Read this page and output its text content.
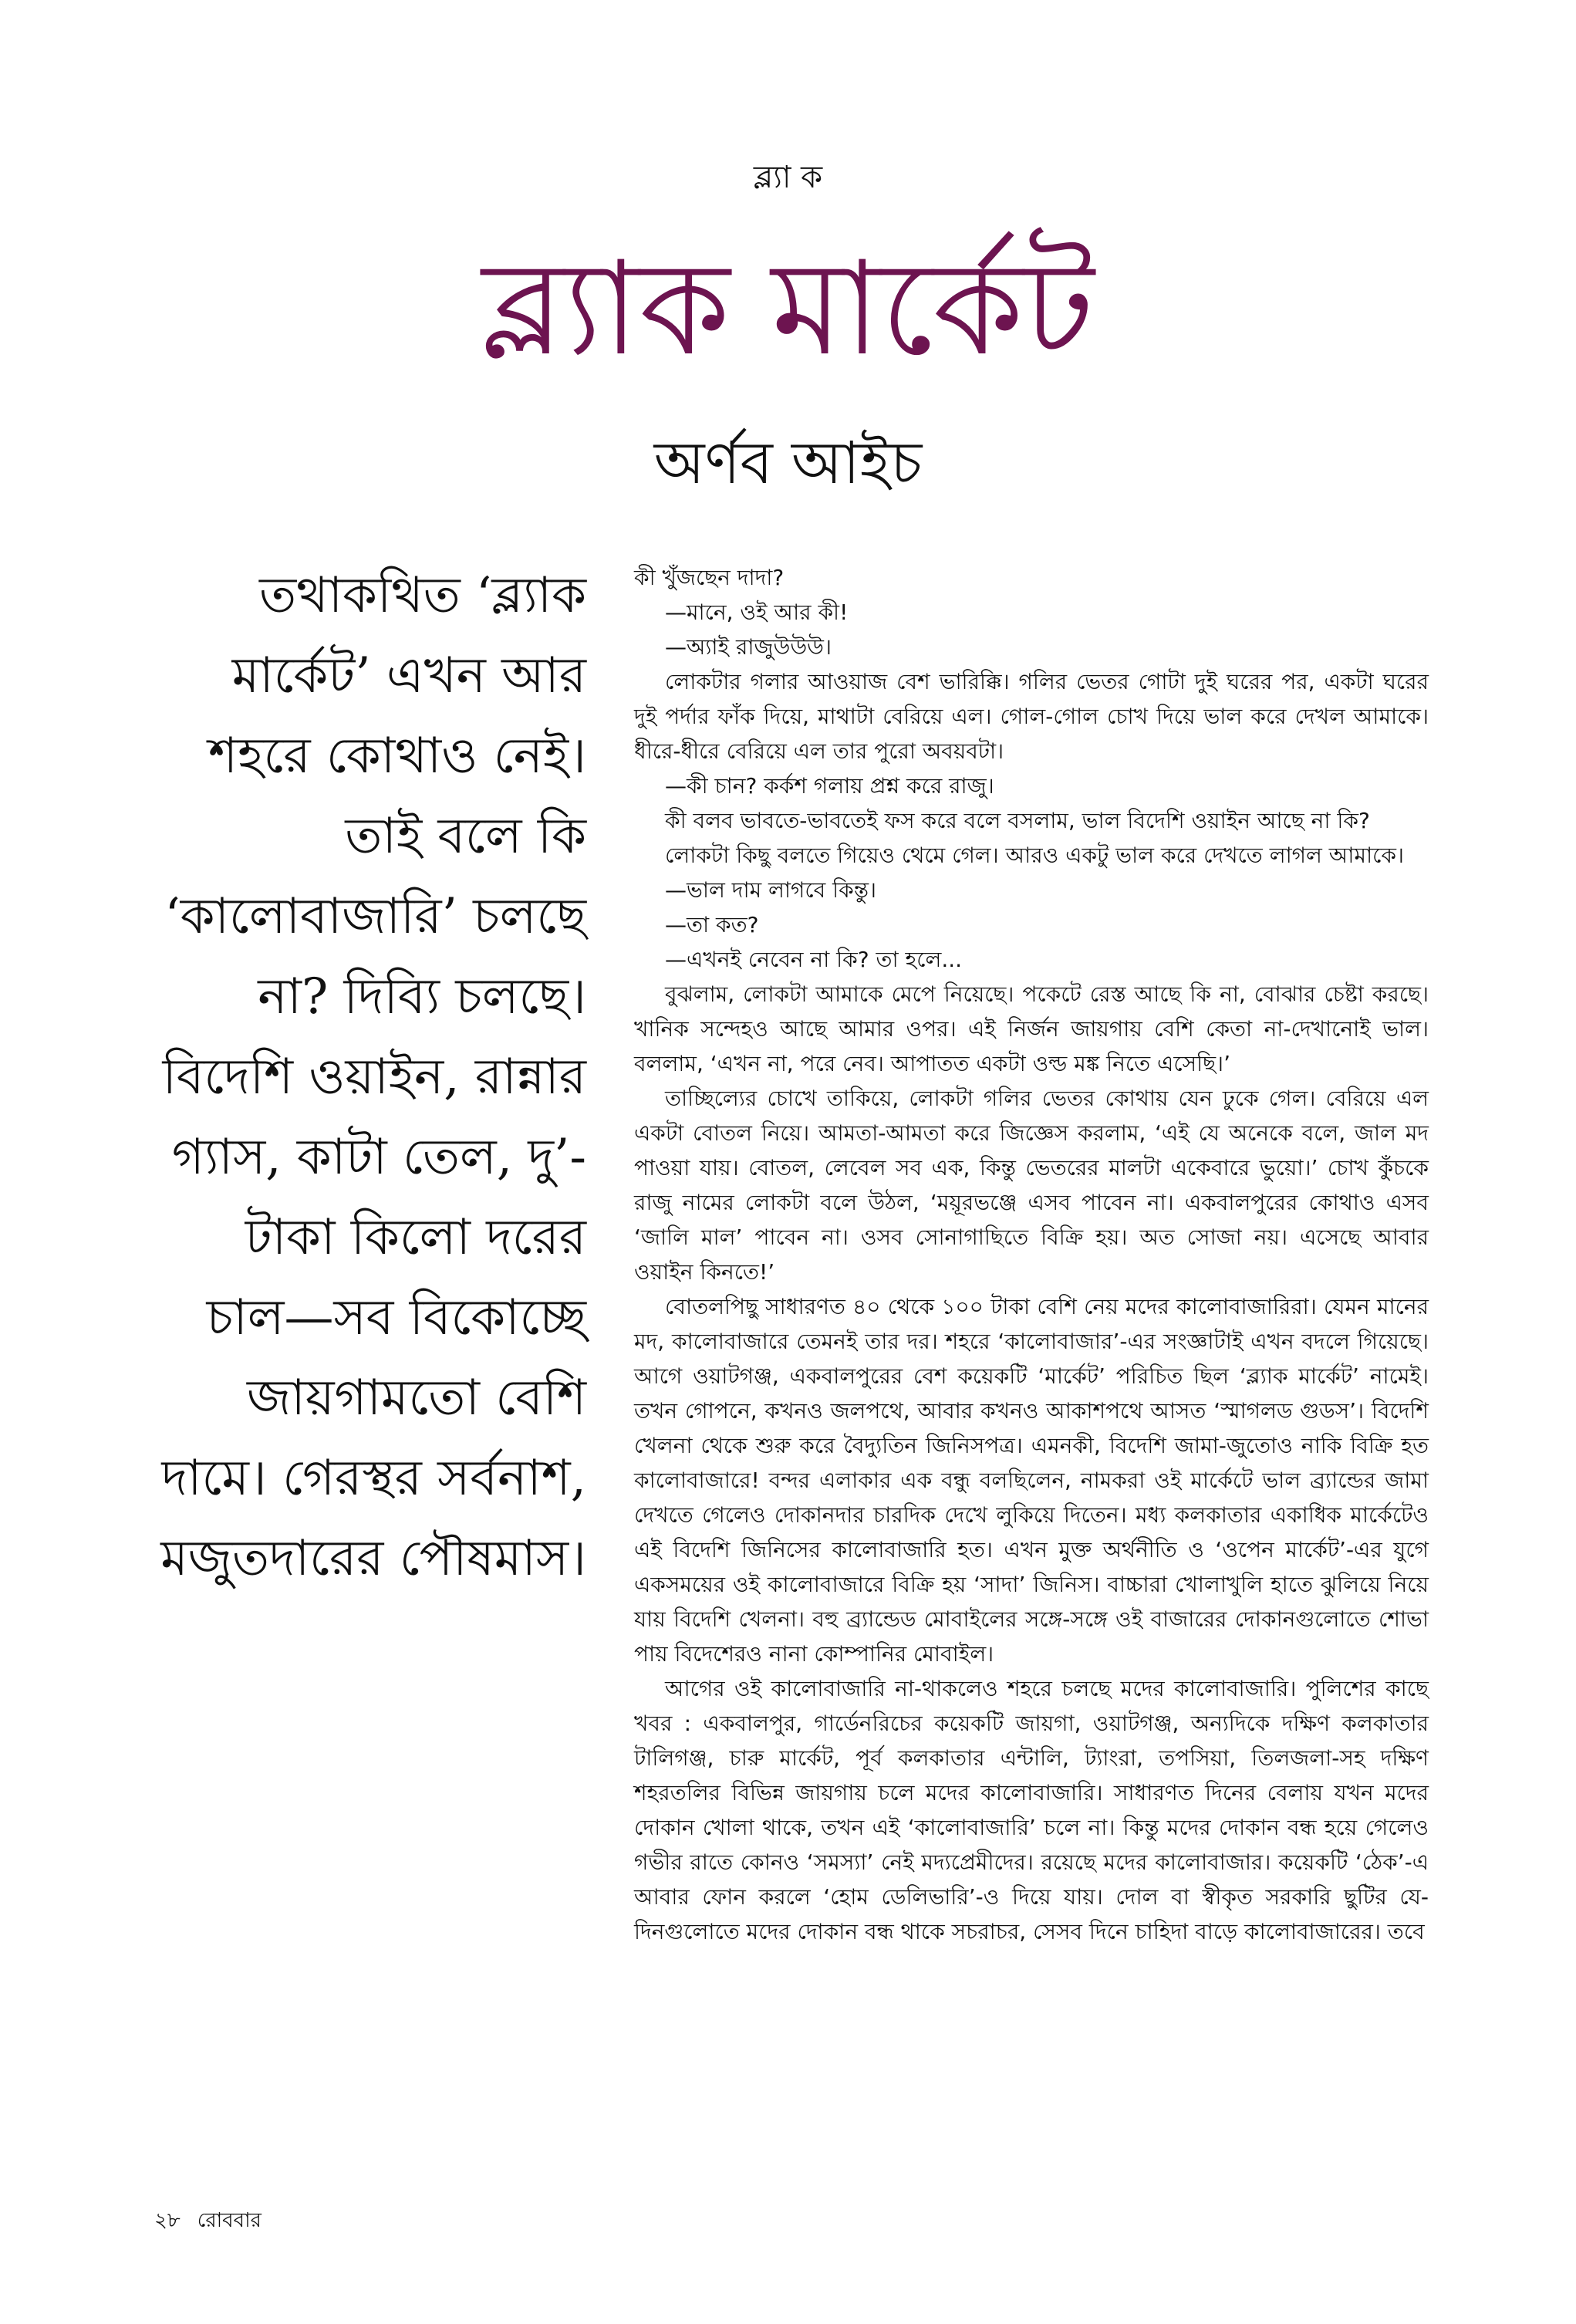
ব্ল্যা ক
ব্ল্যাক মার্কেট
অর্ণব আইচ
তথাকথিত ‘ব্ল্যাক মার্কেট’ এখন আর শহরে কোথাও নেই। তাই বলে কি ‘কালোবাজারি’ চলছে না? দিব্যি চলছে। বিদেশি ওয়াইন, রান্নার গ্যাস, কাটা তেল, দু’-টাকা কিলো দরের চাল—সব বিকোচ্ছে জায়গামতো বেশি দামে। গেরস্থর সর্বনাশ, মজুতদারের পৌষমাস।

কী খুঁজছেন দাদা?

—মানে, ওই আর কী!

—অ্যাই রাজুউউউ।

লোকটার গলার আওয়াজ বেশ ভারিক্কি। গলির ভেতর গোটা দুই ঘরের পর, একটা ঘরের দুই পর্দার ফাঁক দিয়ে, মাথাটা বেরিয়ে এল। গোল-গোল চোখ দিয়ে ভাল করে দেখল আমাকে। ধীরে-ধীরে বেরিয়ে এল তার পুরো অবয়বটা।

—কী চান? কর্কশ গলায় প্রশ্ন করে রাজু।

কী বলব ভাবতে-ভাবতেই ফস করে বলে বসলাম, ভাল বিদেশি ওয়াইন আছে না কি?

লোকটা কিছু বলতে গিয়েও থেমে গেল। আরও একটু ভাল করে দেখতে লাগল আমাকে।

—ভাল দাম লাগবে কিন্তু।

—তা কত?

—এখনই নেবেন না কি? তা হলে...

বুঝলাম, লোকটা আমাকে মেপে নিয়েছে। পকেটে রেস্ত আছে কি না, বোঝার চেষ্টা করছে। খানিক সন্দেহও আছে আমার ওপর। এই নির্জন জায়গায় বেশি কেতা না-দেখানোই ভাল। বললাম, ‘এখন না, পরে নেব। আপাতত একটা ওল্ড মঙ্ক নিতে এসেছি।’

তাচ্ছিল্যের চোখে তাকিয়ে, লোকটা গলির ভেতর কোথায় যেন ঢুকে গেল। বেরিয়ে এল একটা বোতল নিয়ে। আমতা-আমতা করে জিজ্ঞেস করলাম, ‘এই যে অনেকে বলে, জাল মদ পাওয়া যায়। বোতল, লেবেল সব এক, কিন্তু ভেতরের মালটা একেবারে ভুয়ো।’ চোখ কুঁচকে রাজু নামের লোকটা বলে উঠল, ‘ময়ূরভঞ্জে এসব পাবেন না। একবালপুরের কোথাও এসব ‘জালি মাল’ পাবেন না। ওসব সোনাগাছিতে বিক্রি হয়। অত সোজা নয়। এসেছে আবার ওয়াইন কিনতে!’

বোতলপিছু সাধারণত ৪০ থেকে ১০০ টাকা বেশি নেয় মদের কালোবাজারিরা। যেমন মানের মদ, কালোবাজারে তেমনই তার দর। শহরে ‘কালোবাজার’-এর সংজ্ঞাটাই এখন বদলে গিয়েছে। আগে ওয়াটগঞ্জ, একবালপুরের বেশ কয়েকটি ‘মার্কেট’ পরিচিত ছিল ‘ব্ল্যাক মার্কেট’ নামেই। তখন গোপনে, কখনও জলপথে, আবার কখনও আকাশপথে আসত ‘স্মাগলড গুডস’। বিদেশি খেলনা থেকে শুরু করে বৈদ্যুতিন জিনিসপত্র। এমনকী, বিদেশি জামা-জুতোও নাকি বিক্রি হত কালোবাজারে! বন্দর এলাকার এক বন্ধু বলছিলেন, নামকরা ওই মার্কেটে ভাল ব্র্যান্ডের জামা দেখতে গেলেও দোকানদার চারদিক দেখে লুকিয়ে দিতেন। মধ্য কলকাতার একাধিক মার্কেটেও এই বিদেশি জিনিসের কালোবাজারি হত। এখন মুক্ত অর্থনীতি ও ‘ওপেন মার্কেট’-এর যুগে একসময়ের ওই কালোবাজারে বিক্রি হয় ‘সাদা’ জিনিস। বাচ্চারা খোলাখুলি হাতে ঝুলিয়ে নিয়ে যায় বিদেশি খেলনা। বহু ব্র্যান্ডেড মোবাইলের সঙ্গে-সঙ্গে ওই বাজারের দোকানগুলোতে শোভা পায় বিদেশেরও নানা কোম্পানির মোবাইল।

আগের ওই কালোবাজারি না-থাকলেও শহরে চলছে মদের কালোবাজারি। পুলিশের কাছে খবর : একবালপুর, গার্ডেনরিচের কয়েকটি জায়গা, ওয়াটগঞ্জ, অন্যদিকে দক্ষিণ কলকাতার টালিগঞ্জ, চারু মার্কেট, পূর্ব কলকাতার এন্টালি, ট্যাংরা, তপসিয়া, তিলজলা-সহ দক্ষিণ শহরতলির বিভিন্ন জায়গায় চলে মদের কালোবাজারি। সাধারণত দিনের বেলায় যখন মদের দোকান খোলা থাকে, তখন এই ‘কালোবাজারি’ চলে না। কিন্তু মদের দোকান বন্ধ হয়ে গেলেও গভীর রাতে কোনও ‘সমস্যা’ নেই মদ্যপ্রেমীদের। রয়েছে মদের কালোবাজার। কয়েকটি ‘ঠেক’-এ আবার ফোন করলে ‘হোম ডেলিভারি’-ও দিয়ে যায়। দোল বা স্বীকৃত সরকারি ছুটির যে-দিনগুলোতে মদের দোকান বন্ধ থাকে সচরাচর, সেসব দিনে চাহিদা বাড়ে কালোবাজারের। তবে

২৮ রোববার
